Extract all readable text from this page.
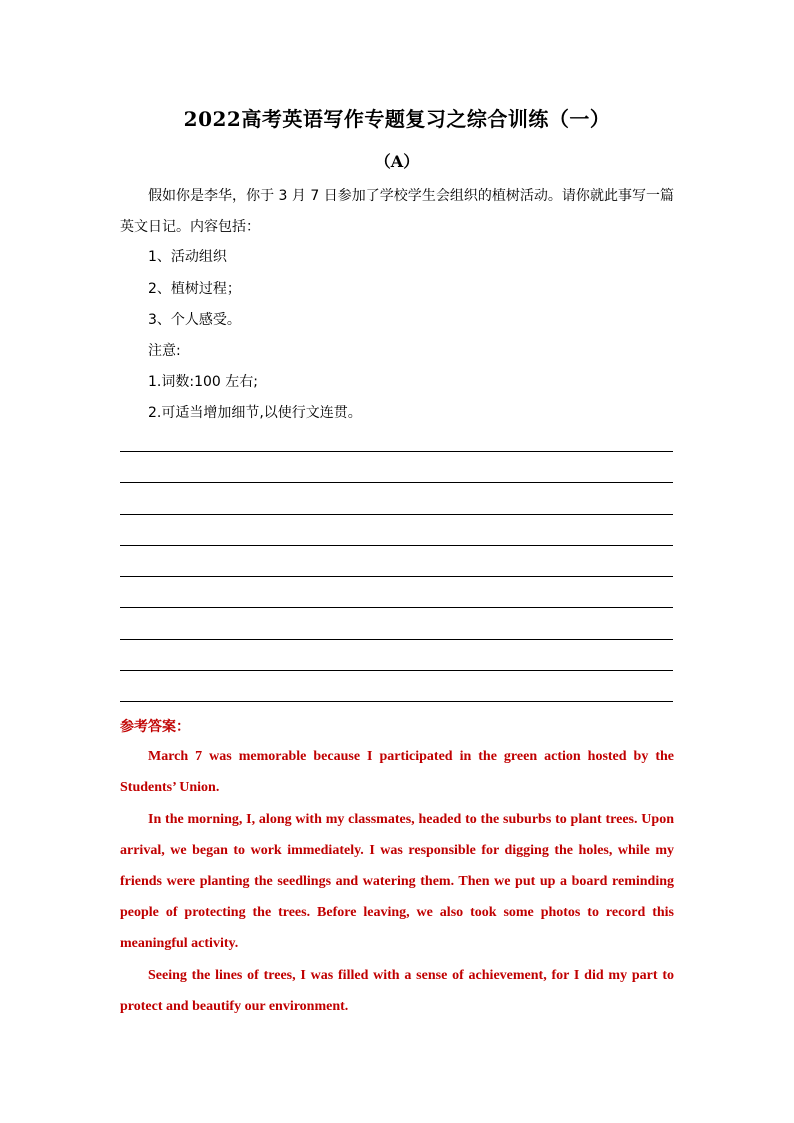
2022高考英语写作专题复习之综合训练（一）
（A）
假如你是李华，你于 3 月 7 日参加了学校学生会组织的植树活动。请你就此事写一篇英文日记。内容包括：
1、活动组织
2、植树过程；
3、个人感受。
注意:
1.词数:100 左右;
2.可适当增加细节,以使行文连贯。
参考答案：
March 7 was memorable because I participated in the green action hosted by the Students’ Union.
In the morning, I, along with my classmates, headed to the suburbs to plant trees. Upon arrival, we began to work immediately. I was responsible for digging the holes, while my friends were planting the seedlings and watering them. Then we put up a board reminding people of protecting the trees. Before leaving, we also took some photos to record this meaningful activity.
Seeing the lines of trees, I was filled with a sense of achievement, for I did my part to protect and beautify our environment.
